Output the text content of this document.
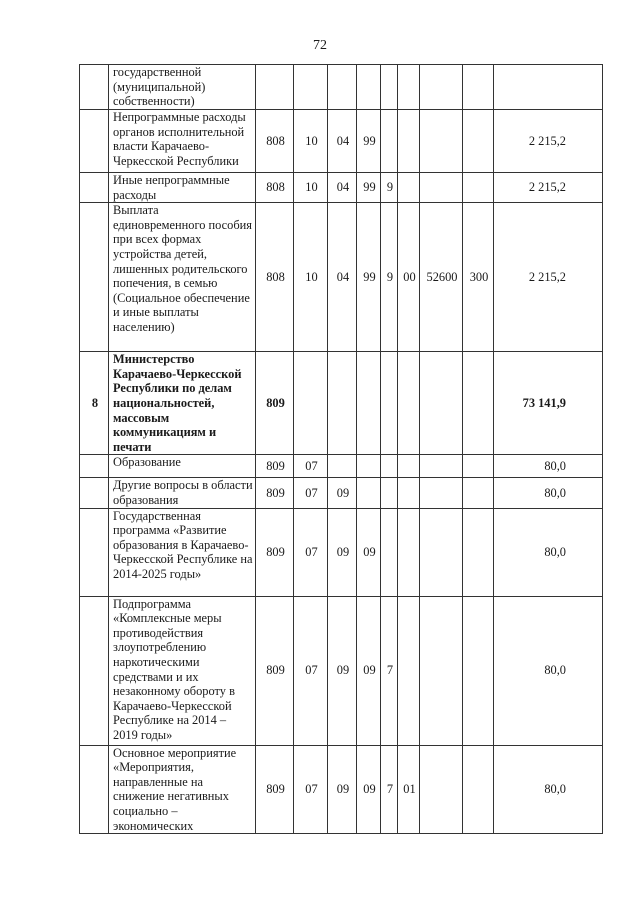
72
	государственной (муниципальной) собственности)									
	Непрограммные расходы органов исполнительной власти Карачаево-Черкесской Республики	808	10	04	99					2 215,2
	Иные непрограммные расходы	808	10	04	99	9				2 215,2
	Выплата единовременного пособия при всех формах устройства детей, лишенных родительского попечения, в семью (Социальное обеспечение и иные выплаты населению)	808	10	04	99	9	00	52600	300	2 215,2
8	Министерство Карачаево-Черкесской Республики по делам национальностей, массовым коммуникациям и печати	809								73 141,9
	Образование	809	07							80,0
	Другие вопросы в области образования	809	07	09						80,0
	Государственная программа «Развитие образования в Карачаево-Черкесской Республике на 2014-2025 годы»	809	07	09	09					80,0
	Подпрограмма «Комплексные меры противодействия злоупотреблению наркотическими средствами и их незаконному обороту в Карачаево-Черкесской Республике на 2014 – 2019 годы»	809	07	09	09	7				80,0
	Основное мероприятие «Мероприятия, направленные на снижение негативных социально – экономических	809	07	09	09	7	01			80,0
